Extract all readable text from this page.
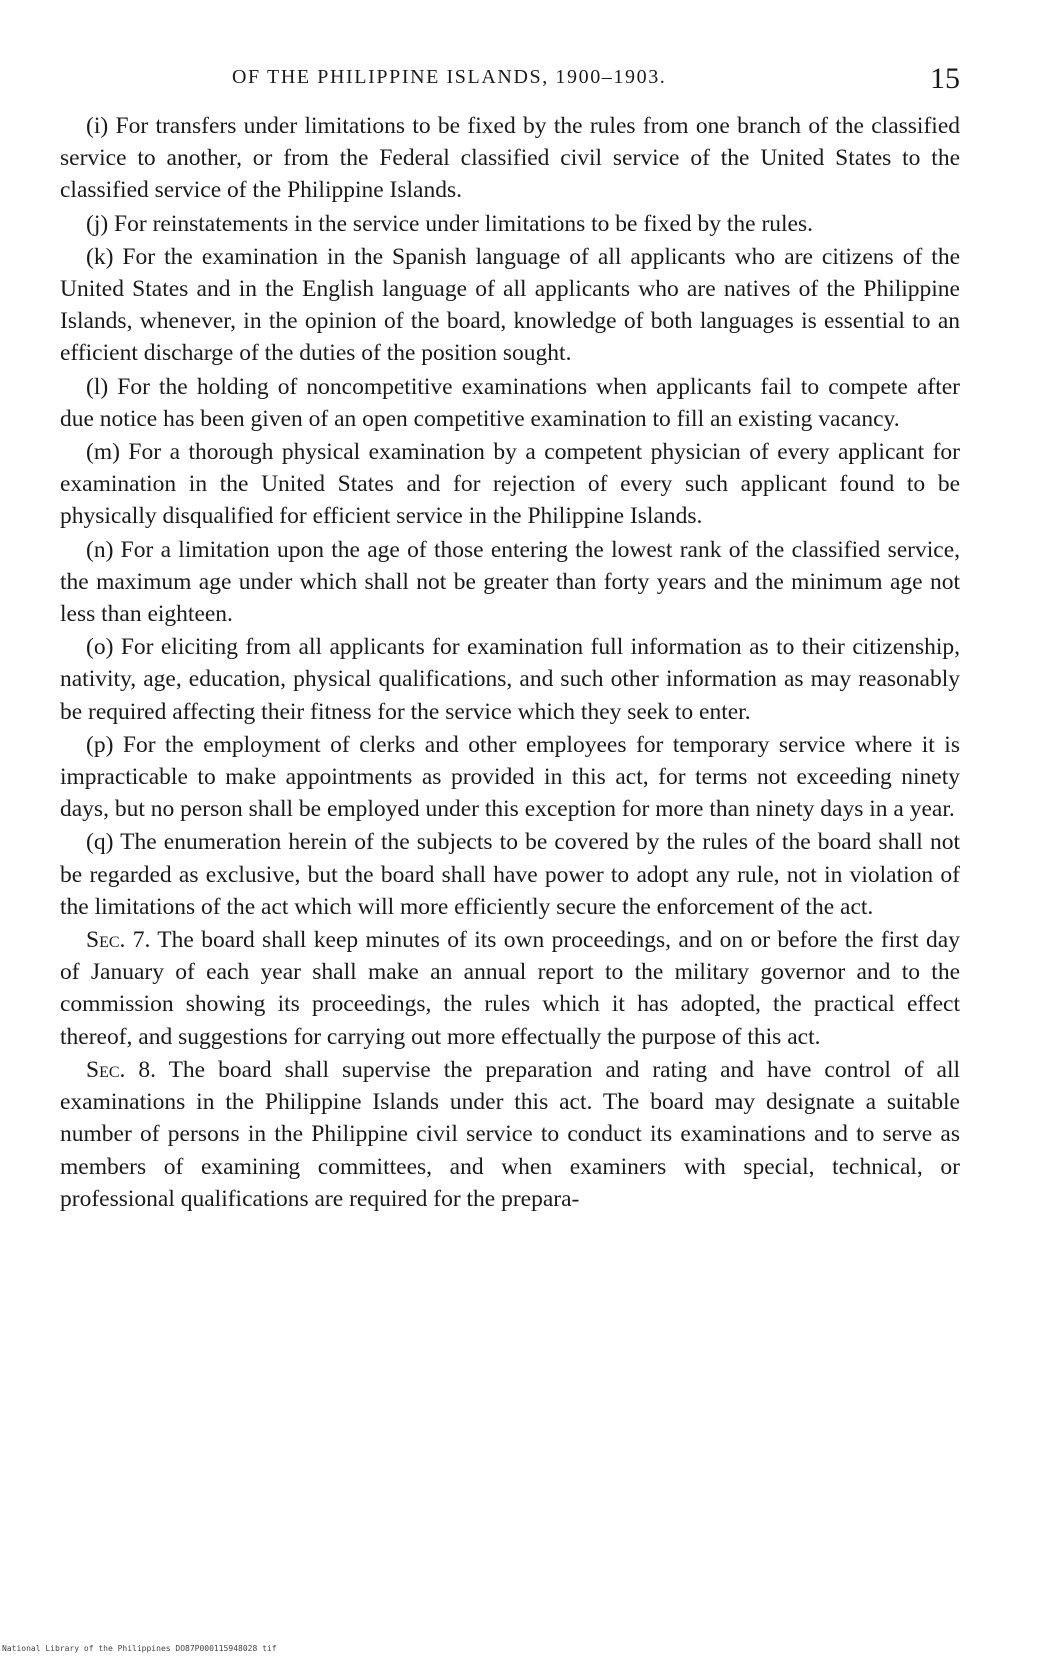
OF THE PHILIPPINE ISLANDS, 1900–1903.	15

(i) For transfers under limitations to be fixed by the rules from one branch of the classified service to another, or from the Federal classified civil service of the United States to the classified service of the Philippine Islands.

(j) For reinstatements in the service under limitations to be fixed by the rules.

(k) For the examination in the Spanish language of all applicants who are citizens of the United States and in the English language of all applicants who are natives of the Philippine Islands, whenever, in the opinion of the board, knowledge of both languages is essential to an efficient discharge of the duties of the position sought.

(l) For the holding of noncompetitive examinations when applicants fail to compete after due notice has been given of an open competitive examination to fill an existing vacancy.

(m) For a thorough physical examination by a competent physician of every applicant for examination in the United States and for rejection of every such applicant found to be physically disqualified for efficient service in the Philippine Islands.

(n) For a limitation upon the age of those entering the lowest rank of the classified service, the maximum age under which shall not be greater than forty years and the minimum age not less than eighteen.

(o) For eliciting from all applicants for examination full information as to their citizenship, nativity, age, education, physical qualifications, and such other information as may reasonably be required affecting their fitness for the service which they seek to enter.

(p) For the employment of clerks and other employees for temporary service where it is impracticable to make appointments as provided in this act, for terms not exceeding ninety days, but no person shall be employed under this exception for more than ninety days in a year.

(q) The enumeration herein of the subjects to be covered by the rules of the board shall not be regarded as exclusive, but the board shall have power to adopt any rule, not in violation of the limitations of the act which will more efficiently secure the enforcement of the act.

Sec. 7. The board shall keep minutes of its own proceedings, and on or before the first day of January of each year shall make an annual report to the military governor and to the commission showing its proceedings, the rules which it has adopted, the practical effect thereof, and suggestions for carrying out more effectually the purpose of this act.

Sec. 8. The board shall supervise the preparation and rating and have control of all examinations in the Philippine Islands under this act. The board may designate a suitable number of persons in the Philippine civil service to conduct its examinations and to serve as members of examining committees, and when examiners with special, technical, or professional qualifications are required for the prepara-

National Library of the Philippines DO87P000115948028 tif
